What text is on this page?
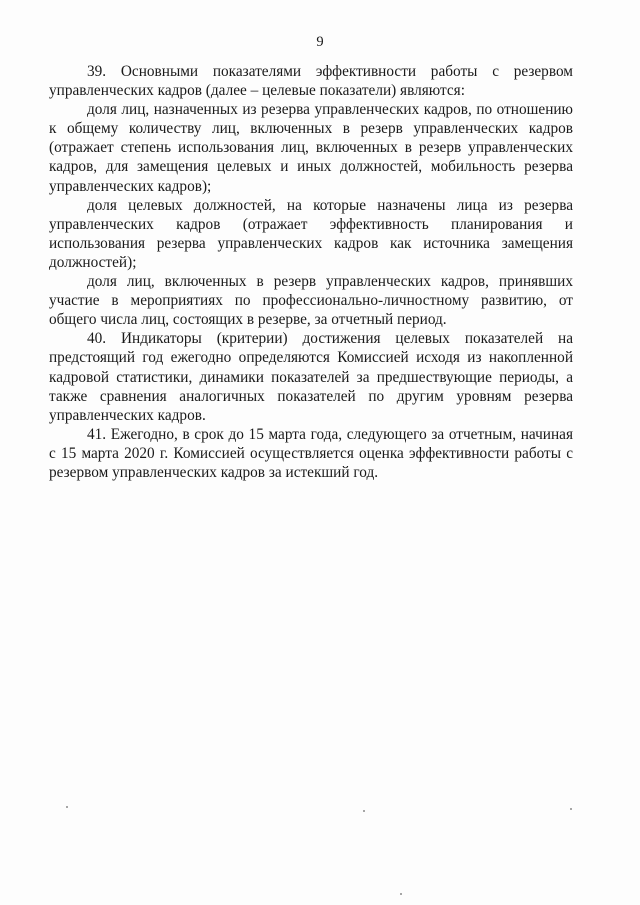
9

39. Основными показателями эффективности работы с резервом управленческих кадров (далее – целевые показатели) являются:

доля лиц, назначенных из резерва управленческих кадров, по отношению к общему количеству лиц, включенных в резерв управленческих кадров (отражает степень использования лиц, включенных в резерв управленческих кадров, для замещения целевых и иных должностей, мобильность резерва управленческих кадров);

доля целевых должностей, на которые назначены лица из резерва управленческих кадров (отражает эффективность планирования и использования резерва управленческих кадров как источника замещения должностей);

доля лиц, включенных в резерв управленческих кадров, принявших участие в мероприятиях по профессионально-личностному развитию, от общего числа лиц, состоящих в резерве, за отчетный период.

40. Индикаторы (критерии) достижения целевых показателей на предстоящий год ежегодно определяются Комиссией исходя из накопленной кадровой статистики, динамики показателей за предшествующие периоды, а также сравнения аналогичных показателей по другим уровням резерва управленческих кадров.

41. Ежегодно, в срок до 15 марта года, следующего за отчетным, начиная с 15 марта 2020 г. Комиссией осуществляется оценка эффективности работы с резервом управленческих кадров за истекший год.
